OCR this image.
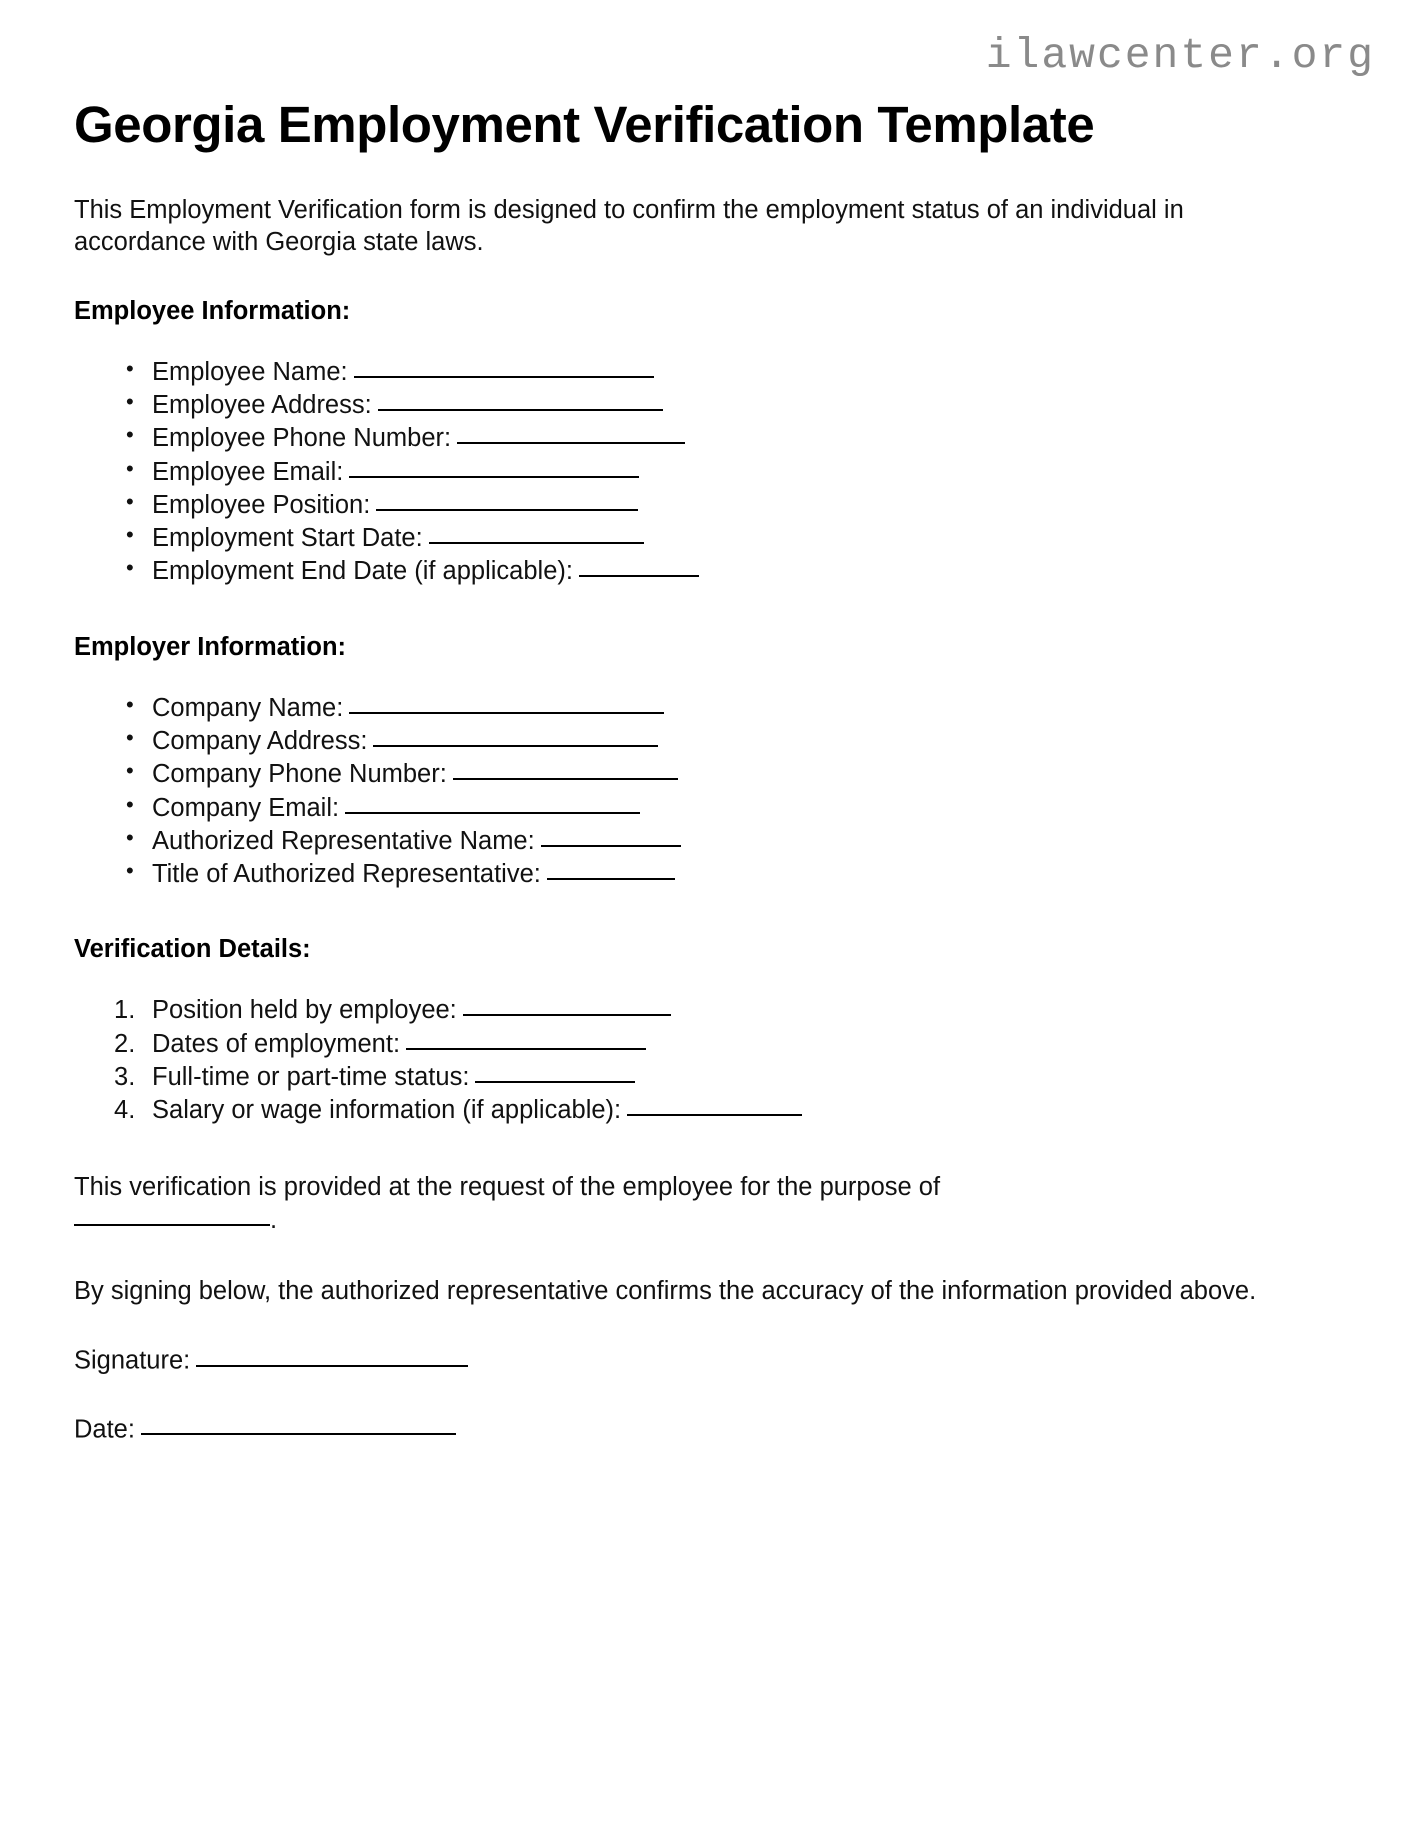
ilawcenter.org
Georgia Employment Verification Template

This Employment Verification form is designed to confirm the employment status of an individual in accordance with Georgia state laws.

Employee Information:
• Employee Name:
• Employee Address:
• Employee Phone Number:
• Employee Email:
• Employee Position:
• Employment Start Date:
• Employment End Date (if applicable):
Employer Information:
• Company Name:
• Company Address:
• Company Phone Number:
• Company Email:
• Authorized Representative Name:
• Title of Authorized Representative:
Verification Details:
Position held by employee:
Dates of employment:
Full-time or part-time status:
Salary or wage information (if applicable):

This verification is provided at the request of the employee for the purpose of
.

By signing below, the authorized representative confirms the accuracy of the information provided above.

Signature:

Date:
